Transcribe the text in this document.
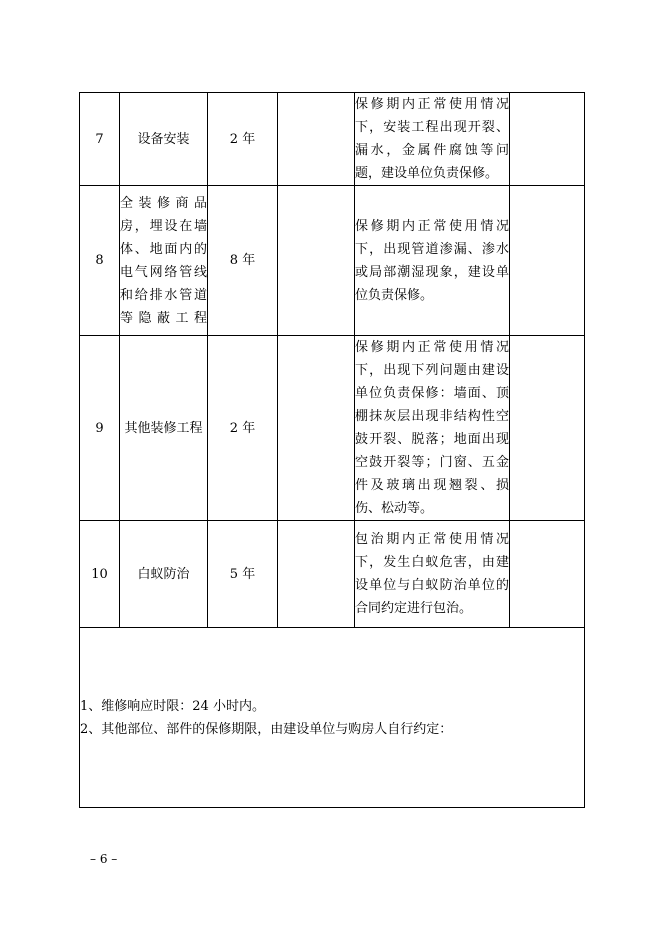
7	设备安装	2 年		保修期内正常使用情况下，安装工程出现开裂、漏水，金属件腐蚀等问题，建设单位负责保修。	
8	全装修商品房，埋设在墙体、地面内的电气网络管线和给排水管道等隐蔽工程	8 年		保修期内正常使用情况下，出现管道渗漏、渗水或局部潮湿现象，建设单位负责保修。	
9	其他装修工程	2 年		保修期内正常使用情况下，出现下列问题由建设单位负责保修：墙面、顶棚抹灰层出现非结构性空鼓开裂、脱落；地面出现空鼓开裂等；门窗、五金件及玻璃出现翘裂、损伤、松动等。	
10	白蚁防治	5 年		包治期内正常使用情况下，发生白蚁危害，由建设单位与白蚁防治单位的合同约定进行包治。	

1、维修响应时限：24 小时内。
2、其他部位、部件的保修期限，由建设单位与购房人自行约定：					
– 6 –
